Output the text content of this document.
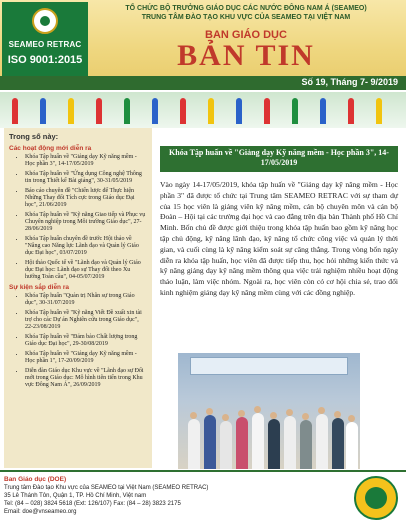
SEAMEO RETRAC
ISO 9001:2015
TỔ CHỨC BỘ TRƯỞNG GIÁO DỤC CÁC NƯỚC ĐÔNG NAM Á (SEAMEO)
TRUNG TÂM ĐÀO TẠO KHU VỰC CỦA SEAMEO TẠI VIỆT NAM
BAN GIÁO DỤC
BẢN TIN
Số 19, Tháng 7- 9/2019
Trong số này:
Các hoạt động mới diễn ra
• Khóa Tập huấn về "Giảng dạy Kỹ năng mềm - Học phần 3", 14-17/05/2019
• Khóa Tập huấn về "Ứng dụng Công nghệ Thông tin trong Thiết kế Bài giảng", 30-31/05/2019
• Báo cáo chuyên đề "Chiến lược để Thực hiện Những Thay đổi Tích cực trong Giáo dục Đại học", 21/06/2019
• Khóa Tập huấn về "Kỹ năng Giao tiếp và Phục vụ Chuyên nghiệp trong Môi trường Giáo dục", 27-28/06/2019
• Khóa Tập huấn chuyên đề trước Hội thảo về "Nâng cao Năng lực Lãnh đạo và Quản lý Giáo dục Đại học", 03/07/2019
• Hội thảo Quốc tế về "Lãnh đạo và Quản lý Giáo dục Đại học: Lãnh đạo sự Thay đổi theo Xu hướng Toàn cầu", 04-05/07/2019
Sự kiện sắp diễn ra
• Khóa Tập huấn "Quản trị Nhân sự trong Giáo dục", 30-31/07/2019
• Khóa Tập huấn về "Kỹ năng Viết Đề xuất xin tài trợ cho các Dự án Nghiên cứu trong Giáo dục", 22-23/08/2019
• Khóa Tập huấn về "Đảm bảo Chất lượng trong Giáo dục Đại học", 29-30/08/2019
• Khóa Tập huấn về "Giảng dạy Kỹ năng mềm - Học phần 1", 17-20/09/2019
• Diễn đàn Giáo dục Khu vực về "Lãnh đạo sự Đổi mới trong Giáo dục: Mô hình tiên tiến trong Khu vực Đông Nam Á", 26/09/2019
Khóa Tập huấn về "Giảng dạy Kỹ năng mềm - Học phần 3", 14-17/05/2019

Vào ngày 14-17/05/2019, khóa tập huấn về "Giảng dạy kỹ năng mềm - Học phần 3" đã được tổ chức tại Trung tâm SEAMEO RETRAC với sự tham dự của 15 học viên là giảng viên kỹ năng mềm, cán bộ chuyên môn và cán bộ Đoàn – Hội tại các trường đại học và cao đẳng trên địa bàn Thành phố Hồ Chí Minh. Bốn chủ đề được giới thiệu trong khóa tập huấn bao gồm kỹ năng học tập chủ động, kỹ năng lãnh đạo, kỹ năng tổ chức công việc và quản lý thời gian, và cuối cùng là kỹ năng kiểm soát sự căng thẳng. Trong vòng bốn ngày diễn ra khóa tập huấn, học viên đã được tiếp thu, học hỏi những kiến thức và kỹ năng giảng dạy kỹ năng mềm thông qua việc trải nghiệm nhiều hoạt động thảo luận, làm việc nhóm. Ngoài ra, học viên còn có cơ hội chia sẻ, trao đổi kinh nghiệm giảng dạy kỹ năng mềm cùng với các đồng nghiệp.

Ban Giáo dục (DOE)
Trung tâm Đào tạo Khu vực của SEAMEO tại Việt Nam (SEAMEO RETRAC)
35 Lê Thánh Tôn, Quận 1, TP. Hồ Chí Minh, Việt nam
Tel: (84 – 028) 3824 5618 (Ext: 126/107) Fax: (84 – 28) 3823 2175
Email: doe@vnseameo.org
